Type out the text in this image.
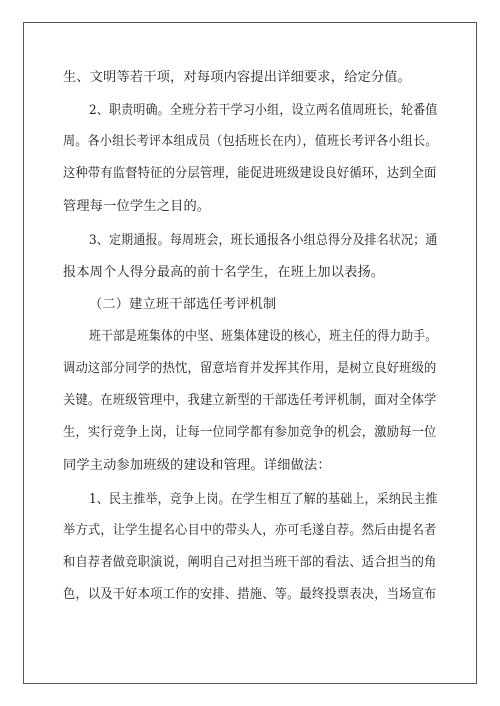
生、文明等若干项，对每项内容提出详细要求，给定分值。
2、职责明确。全班分若干学习小组，设立两名值周班长，轮番值
周。各小组长考评本组成员（包括班长在内），值班长考评各小组长。
这种带有监督特征的分层管理，能促进班级建设良好循环，达到全面
管理每一位学生之目的。
3、定期通报。每周班会，班长通报各小组总得分及排名状况；通
报本周个人得分最高的前十名学生，在班上加以表扬。
（二）建立班干部选任考评机制
班干部是班集体的中坚、班集体建设的核心，班主任的得力助手。
调动这部分同学的热忱，留意培育并发挥其作用，是树立良好班级的
关键。在班级管理中，我建立新型的干部选任考评机制，面对全体学
生，实行竞争上岗，让每一位同学都有参加竞争的机会，激励每一位
同学主动参加班级的建设和管理。详细做法：
1、民主推举，竞争上岗。在学生相互了解的基础上，采纳民主推
举方式，让学生提名心目中的带头人，亦可毛遂自荐。然后由提名者
和自荐者做竞职演说，阐明自己对担当班干部的看法、适合担当的角
色，以及干好本项工作的安排、措施、等。最终投票表决，当场宣布
